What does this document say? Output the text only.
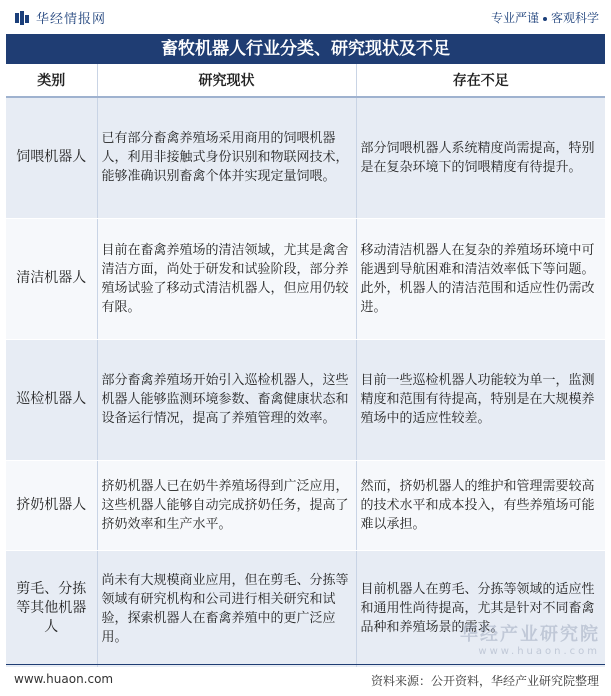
华经情报网	专业严谨 客观科学
畜牧机器人行业分类、研究现状及不足
类别	研究现状	存在不足
饲喂机器人	已有部分畜禽养殖场采用商用的饲喂机器人，利用非接触式身份识别和物联网技术，能够准确识别畜禽个体并实现定量饲喂。	部分饲喂机器人系统精度尚需提高，特别是在复杂环境下的饲喂精度有待提升。
清洁机器人	目前在畜禽养殖场的清洁领域，尤其是禽舍清洁方面，尚处于研发和试验阶段，部分养殖场试验了移动式清洁机器人，但应用仍较有限。	移动清洁机器人在复杂的养殖场环境中可能遇到导航困难和清洁效率低下等问题。此外，机器人的清洁范围和适应性仍需改进。
巡检机器人	部分畜禽养殖场开始引入巡检机器人，这些机器人能够监测环境参数、畜禽健康状态和设备运行情况，提高了养殖管理的效率。	目前一些巡检机器人功能较为单一，监测精度和范围有待提高，特别是在大规模养殖场中的适应性较差。
挤奶机器人	挤奶机器人已在奶牛养殖场得到广泛应用，这些机器人能够自动完成挤奶任务，提高了挤奶效率和生产水平。	然而，挤奶机器人的维护和管理需要较高的技术水平和成本投入，有些养殖场可能难以承担。
剪毛、分拣等其他机器人	尚未有大规模商业应用，但在剪毛、分拣等领域有研究机构和公司进行相关研究和试验，探索机器人在畜禽养殖中的更广泛应用。	目前机器人在剪毛、分拣等领域的适应性和通用性尚待提高，尤其是针对不同畜禽品种和养殖场景的需求。
华经产业研究院
www.huaon.com
www.huaon.com	资料来源：公开资料，华经产业研究院整理
